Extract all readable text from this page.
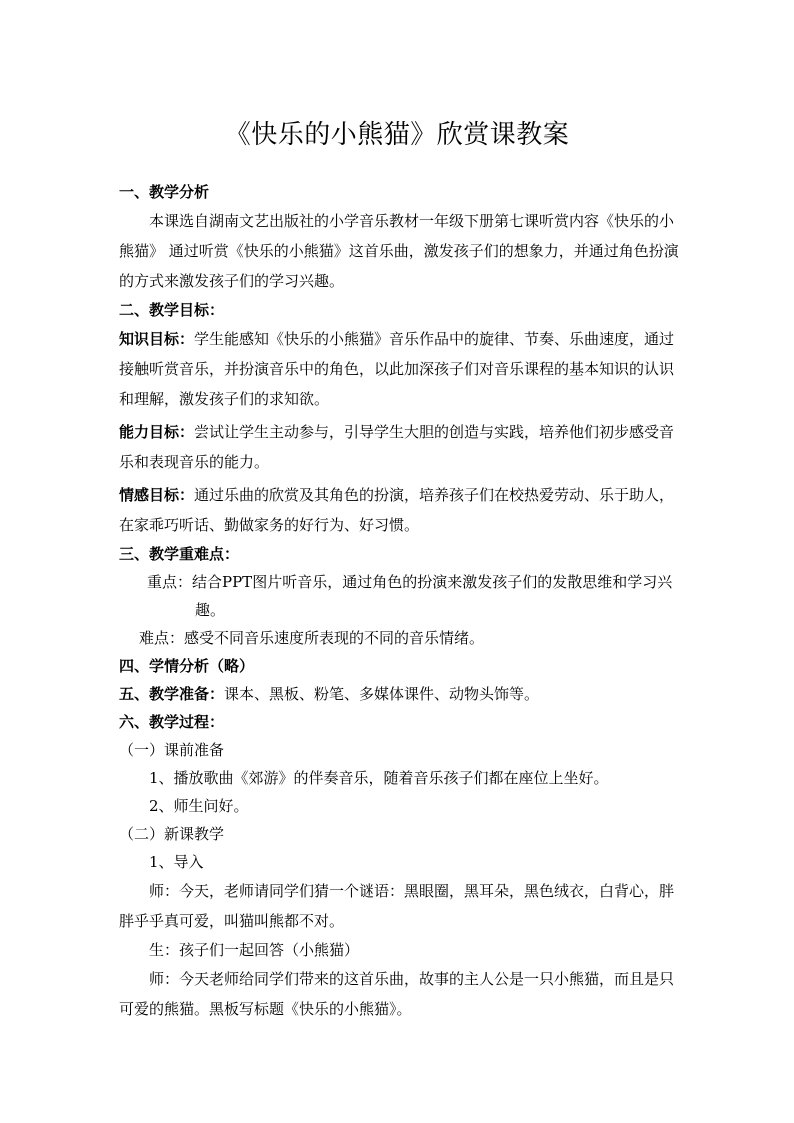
《快乐的小熊猫》欣赏课教案

一、教学分析

本课选自湖南文艺出版社的小学音乐教材一年级下册第七课听赏内容《快乐的小熊猫》 通过听赏《快乐的小熊猫》这首乐曲，激发孩子们的想象力，并通过角色扮演的方式来激发孩子们的学习兴趣。

二、教学目标：

知识目标：学生能感知《快乐的小熊猫》音乐作品中的旋律、节奏、乐曲速度，通过接触听赏音乐，并扮演音乐中的角色，以此加深孩子们对音乐课程的基本知识的认识和理解，激发孩子们的求知欲。

能力目标：尝试让学生主动参与，引导学生大胆的创造与实践，培养他们初步感受音乐和表现音乐的能力。

情感目标：通过乐曲的欣赏及其角色的扮演，培养孩子们在校热爱劳动、乐于助人，在家乖巧听话、勤做家务的好行为、好习惯。

三、教学重难点：

重点：结合PPT图片听音乐，通过角色的扮演来激发孩子们的发散思维和学习兴趣。

难点：感受不同音乐速度所表现的不同的音乐情绪。

四、学情分析（略）

五、教学准备：课本、黑板、粉笔、多媒体课件、动物头饰等。

六、教学过程：

（一）课前准备

1、播放歌曲《郊游》的伴奏音乐，随着音乐孩子们都在座位上坐好。

2、师生问好。

（二）新课教学

1、导入

师：今天，老师请同学们猜一个谜语：黑眼圈，黑耳朵，黑色绒衣，白背心，胖胖乎乎真可爱，叫猫叫熊都不对。

生：孩子们一起回答（小熊猫）

师：今天老师给同学们带来的这首乐曲，故事的主人公是一只小熊猫，而且是只可爱的熊猫。黑板写标题《快乐的小熊猫》。
